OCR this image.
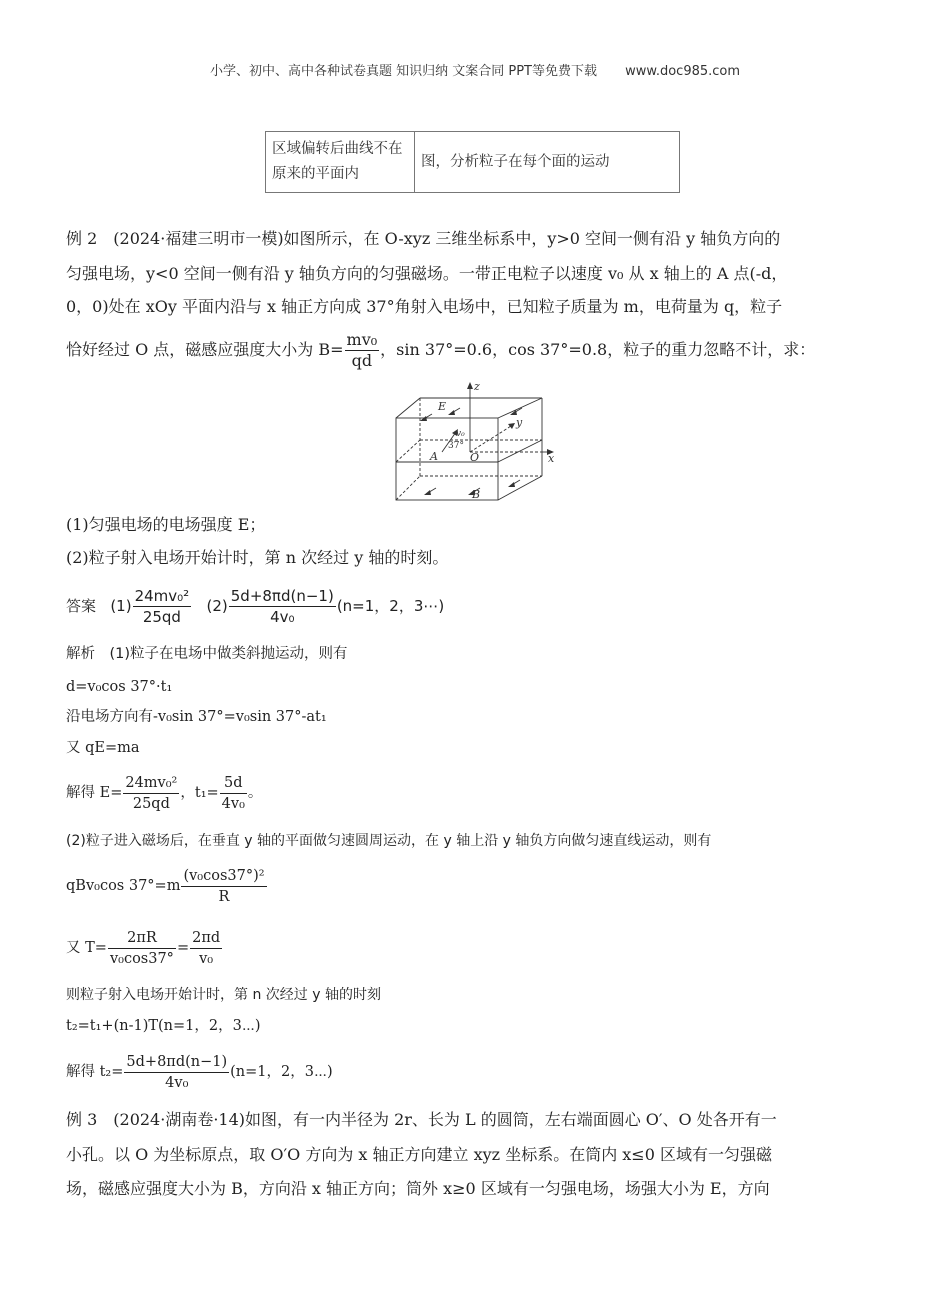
小学、初中、高中各种试卷真题 知识归纳 文案合同 PPT等免费下载 www.doc985.com
区域偏转后曲线不在原来的平面内	图，分析粒子在每个面的运动
例 2　(2024·福建三明市一模)如图所示，在 O-xyz 三维坐标系中，y>0 空间一侧有沿 y 轴负方向的
匀强电场，y<0 空间一侧有沿 y 轴负方向的匀强磁场。一带正电粒子以速度 v₀ 从 x 轴上的 A 点(-d，
0，0)处在 xOy 平面内沿与 x 轴正方向成 37°角射入电场中，已知粒子质量为 m，电荷量为 q，粒子
恰好经过 O 点，磁感应强度大小为 $B= \frac{\text{mv₀}}{qd}$ ，sin 37°=0.6，cos 37°=0.8，粒子的重力忽略不计，求：
z
y
x
E
v₀
A	O
B
37°
(1)匀强电场的电场强度 E；
(2)粒子射入电场开始计时，第 n 次经过 y 轴的时刻。
答案 $(1) \frac{\text{24mv₀²}}{25qd} (2) \frac{5d+8\pi d(n-1)}{\text{4v₀}} (n=1$，2，3⋯)
解析　(1)粒子在电场中做类斜抛运动，则有
d=v₀cos 37°·t₁
沿电场方向有-v₀sin 37°=v₀sin 37°-at₁
又 qE=ma
解得 $E= \frac{\text{24mv₀²}}{25qd}$ ，$t_1= \frac{5d}{\text{4v₀}}$ 。
(2)粒子进入磁场后，在垂直 y 轴的平面做匀速圆周运动，在 y 轴上沿 y 轴负方向做匀速直线运动，则有
qBv₀cos $37^\circ=m \frac{\text{(v₀cos37°)²}}{R}$
又 $T= \frac{2\pi R}{\text{v₀cos37°}} = \frac{2\pi d}{\text{v₀}}$
则粒子射入电场开始计时，第 n 次经过 y 轴的时刻
t₂=t₁+(n-1)T(n=1，2，3⋯)
解得 $t_2= \frac{5d+8\pi d(n-1)}{\text{4v₀}} (n=1$，2，3⋯)
例 3　(2024·湖南卷·14)如图，有一内半径为 2r、长为 L 的圆筒，左右端面圆心 O′、O 处各开有一
小孔。以 O 为坐标原点，取 O′O 方向为 x 轴正方向建立 xyz 坐标系。在筒内 x≤0 区域有一匀强磁
场，磁感应强度大小为 B，方向沿 x 轴正方向；筒外 x≥0 区域有一匀强电场，场强大小为 E，方向
